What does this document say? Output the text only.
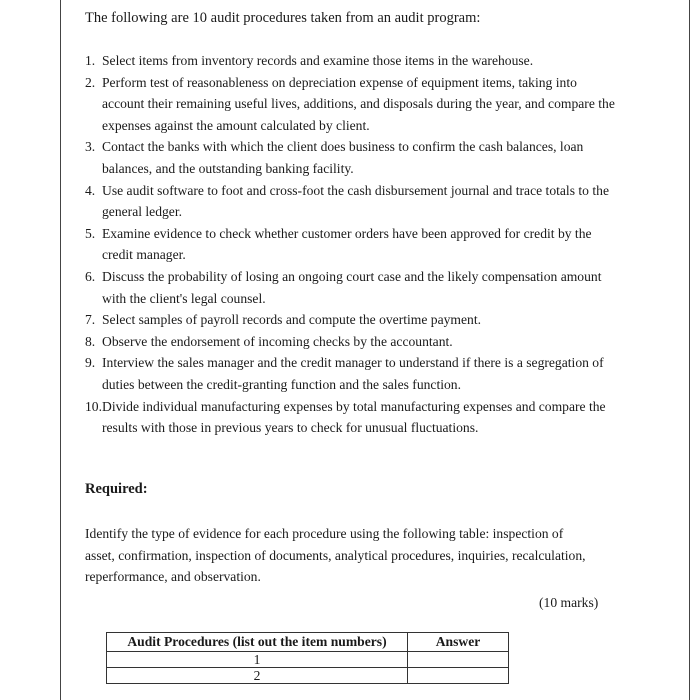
The following are 10 audit procedures taken from an audit program:
1. Select items from inventory records and examine those items in the warehouse.
2. Perform test of reasonableness on depreciation expense of equipment items, taking into account their remaining useful lives, additions, and disposals during the year, and compare the expenses against the amount calculated by client.
3. Contact the banks with which the client does business to confirm the cash balances, loan balances, and the outstanding banking facility.
4. Use audit software to foot and cross-foot the cash disbursement journal and trace totals to the general ledger.
5. Examine evidence to check whether customer orders have been approved for credit by the credit manager.
6. Discuss the probability of losing an ongoing court case and the likely compensation amount with the client's legal counsel.
7. Select samples of payroll records and compute the overtime payment.
8. Observe the endorsement of incoming checks by the accountant.
9. Interview the sales manager and the credit manager to understand if there is a segregation of duties between the credit-granting function and the sales function.
10. Divide individual manufacturing expenses by total manufacturing expenses and compare the results with those in previous years to check for unusual fluctuations.
Required:
Identify the type of evidence for each procedure using the following table: inspection of asset, confirmation, inspection of documents, analytical procedures, inquiries, recalculation, reperformance, and observation.
(10 marks)
Audit Procedures (list out the item numbers)	Answer
1	
2	
